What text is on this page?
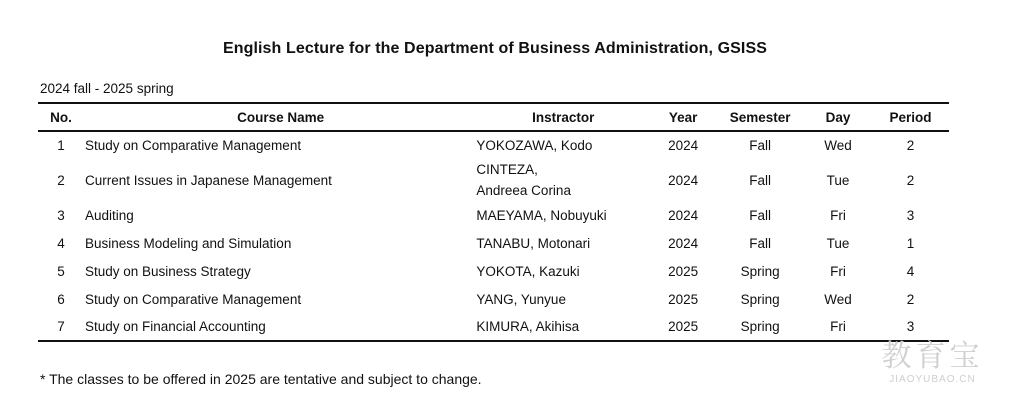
English Lecture for the Department of Business Administration, GSISS
2024 fall - 2025 spring
No.	Course Name	Instractor	Year	Semester	Day	Period
1	Study on Comparative Management	YOKOZAWA, Kodo	2024	Fall	Wed	2
2	Current Issues in Japanese Management	CINTEZA,
Andreea Corina	2024	Fall	Tue	2
3	Auditing	MAEYAMA, Nobuyuki	2024	Fall	Fri	3
4	Business Modeling and Simulation	TANABU, Motonari	2024	Fall	Tue	1
5	Study on Business Strategy	YOKOTA, Kazuki	2025	Spring	Fri	4
6	Study on Comparative Management	YANG, Yunyue	2025	Spring	Wed	2
7	Study on Financial Accounting	KIMURA, Akihisa	2025	Spring	Fri	3
* The classes to be offered in 2025 are tentative and subject to change.
教育宝
JIAOYUBAO.CN
